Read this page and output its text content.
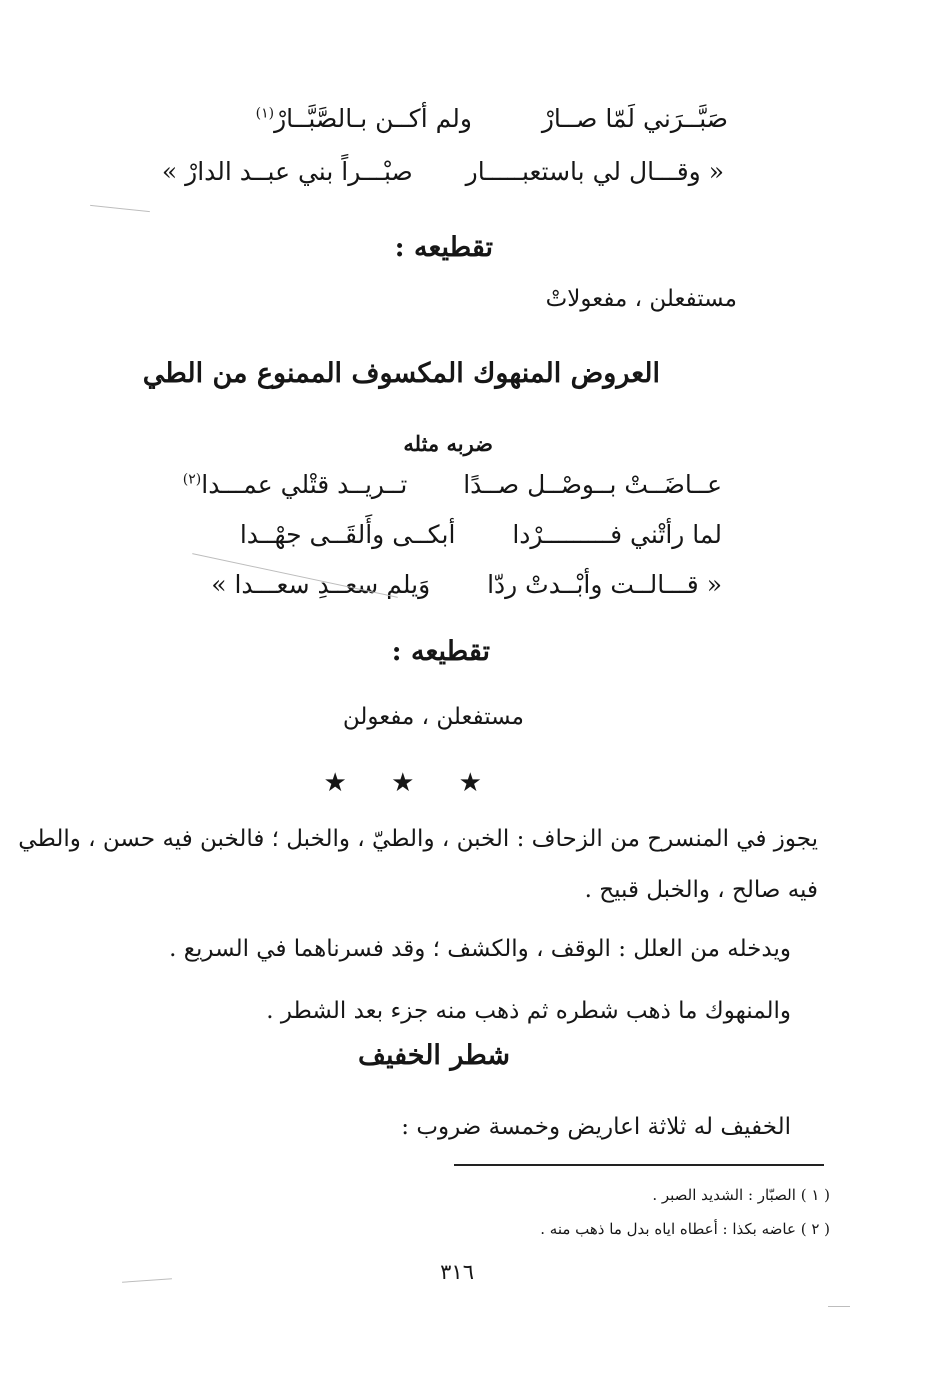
صَبَّــرَني لَمّا صــارْ  ولم أكــن بـالصَّبَّــارْ$^{(١)}$
« وقـــال لي باستعبـــــار  صبْـــراً بني عبــد الدارْ »
تقطيعه :
مستفعلن ، مفعولاتْ
العروض المنهوك المكسوف الممنوع من الطي
ضربه مثله
عــاضَــتْ بــوصْــل صــدًا  تــريــد قتْلي عمـــدا$^{(٢)}$
لما رأتْني فـــــــــرْدا  أبكــى وأَلقَــى جهْــدا
« قـــالــت وأبْــدتْ ردّا  وَيلم سعــدِ سعـــدا »
تقطيعه :
مستفعلن ، مفعولن
★ ★ ★
يجوز في المنسرح من الزحاف : الخبن ، والطيّ ، والخبل ؛ فالخبن فيه حسن ، والطي
فيه صالح ، والخبل قبيح .
ويدخله من العلل : الوقف ، والكشف ؛ وقد فسرناهما في السريع .
والمنهوك ما ذهب شطره ثم ذهب منه جزء بعد الشطر .
شطر الخفيف
الخفيف له ثلاثة اعاريض وخمسة ضروب :
( ١ ) الصبّار : الشديد الصبر .
( ٢ ) عاضه بكذا : أعطاه اياه بدل ما ذهب منه .
٣١٦
